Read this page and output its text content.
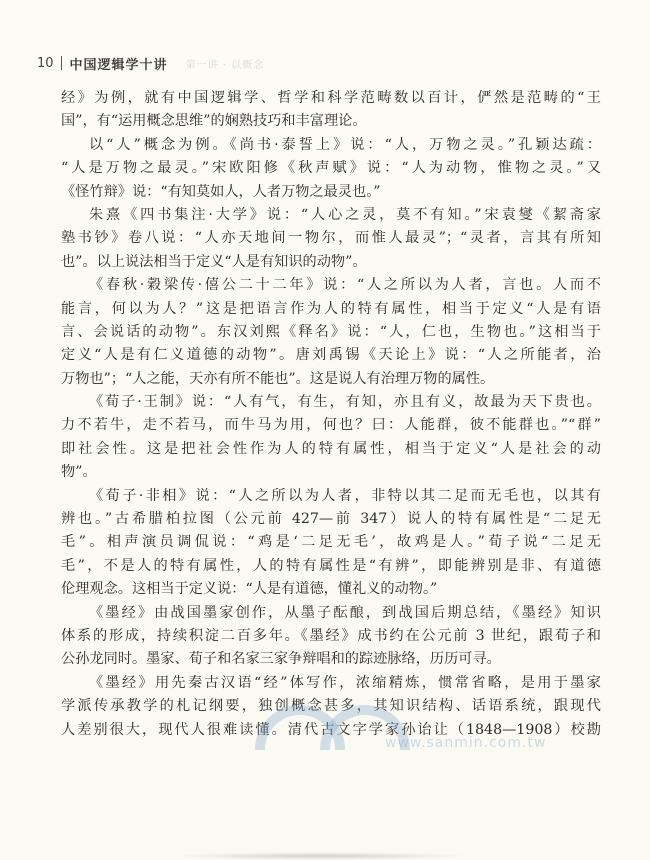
10 中国逻辑学十讲 第一讲 · 以概念
经》为例，就有中国逻辑学、哲学和科学范畴数以百计，俨然是范畴的“王
国”，有“运用概念思维”的娴熟技巧和丰富理论。
以“人”概念为例。《尚书·泰誓上》说：“人，万物之灵。”孔颖达疏：
“人是万物之最灵。”宋欧阳修《秋声赋》说：“人为动物，惟物之灵。”又
《怪竹辩》说：“有知莫如人，人者万物之最灵也。”
朱熹《四书集注·大学》说：“人心之灵，莫不有知。”宋袁燮《絜斋家
塾书钞》卷八说：“人亦天地间一物尔，而惟人最灵”；“灵者，言其有所知
也”。以上说法相当于定义“人是有知识的动物”。
《春秋·穀梁传·僖公二十二年》说：“人之所以为人者，言也。人而不
能言，何以为人？”这是把语言作为人的特有属性，相当于定义“人是有语
言、会说话的动物”。东汉刘熙《释名》说：“人，仁也，生物也。”这相当于
定义“人是有仁义道德的动物”。唐刘禹锡《天论上》说：“人之所能者，治
万物也”；“人之能，天亦有所不能也”。这是说人有治理万物的属性。
《荀子·王制》说：“人有气，有生，有知，亦且有义，故最为天下贵也。
力不若牛，走不若马，而牛马为用，何也？曰：人能群，彼不能群也。”“群”
即社会性。这是把社会性作为人的特有属性，相当于定义“人是社会的动
物”。
《荀子·非相》说：“人之所以为人者，非特以其二足而无毛也，以其有
辨也。”古希腊柏拉图（公元前 427—前 347）说人的特有属性是“二足无
毛”。相声演员调侃说：“鸡是‘二足无毛’，故鸡是人。”荀子说“二足无
毛”，不是人的特有属性，人的特有属性是“有辨”，即能辨别是非、有道德
伦理观念。这相当于定义说：“人是有道德，懂礼义的动物。”
《墨经》由战国墨家创作，从墨子酝酿，到战国后期总结，《墨经》知识
体系的形成，持续积淀二百多年。《墨经》成书约在公元前 3 世纪，跟荀子和
公孙龙同时。墨家、荀子和名家三家争辩唱和的踪迹脉络，历历可寻。
《墨经》用先秦古汉语“经”体写作，浓缩精炼，惯常省略，是用于墨家
学派传承教学的札记纲要，独创概念甚多，其知识结构、话语系统，跟现代
人差别很大，现代人很难读懂。清代古文字学家孙诒让（1848—1908）校勘
www.sanmin.com.tw
